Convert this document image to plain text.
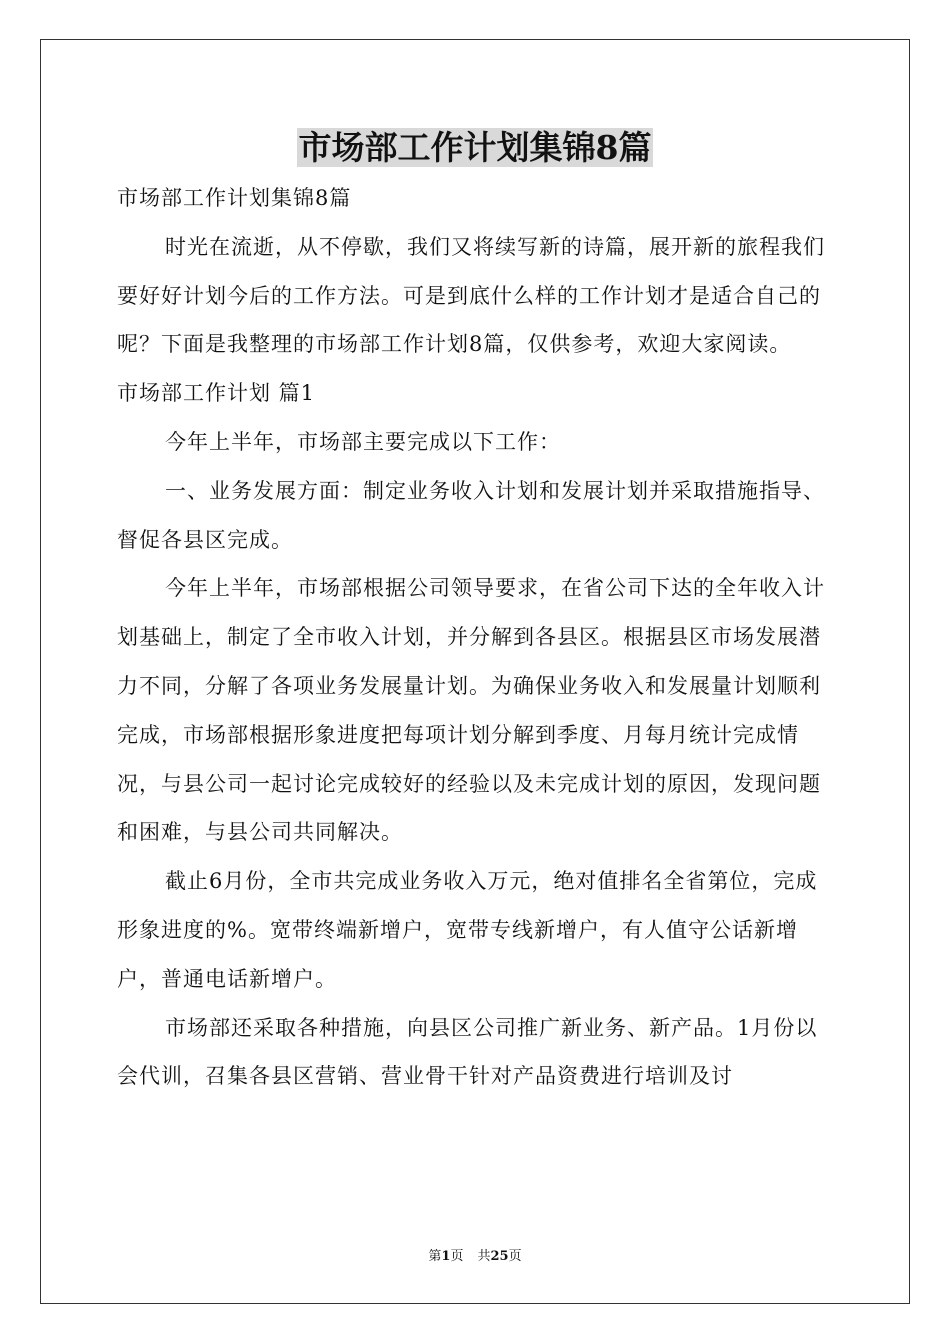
市场部工作计划集锦8篇

市场部工作计划集锦8篇

时光在流逝，从不停歇，我们又将续写新的诗篇，展开新的旅程我们要好好计划今后的工作方法。可是到底什么样的工作计划才是适合自己的呢？下面是我整理的市场部工作计划8篇，仅供参考，欢迎大家阅读。

市场部工作计划 篇1

今年上半年，市场部主要完成以下工作：

一、业务发展方面：制定业务收入计划和发展计划并采取措施指导、督促各县区完成。

今年上半年，市场部根据公司领导要求，在省公司下达的全年收入计划基础上，制定了全市收入计划，并分解到各县区。根据县区市场发展潜力不同，分解了各项业务发展量计划。为确保业务收入和发展量计划顺利完成，市场部根据形象进度把每项计划分解到季度、月每月统计完成情况，与县公司一起讨论完成较好的经验以及未完成计划的原因，发现问题和困难，与县公司共同解决。

截止6月份，全市共完成业务收入万元，绝对值排名全省第位，完成形象进度的%。宽带终端新增户，宽带专线新增户，有人值守公话新增户，普通电话新增户。

市场部还采取各种措施，向县区公司推广新业务、新产品。1月份以会代训，召集各县区营销、营业骨干针对产品资费进行培训及讨

第1页 共25页
